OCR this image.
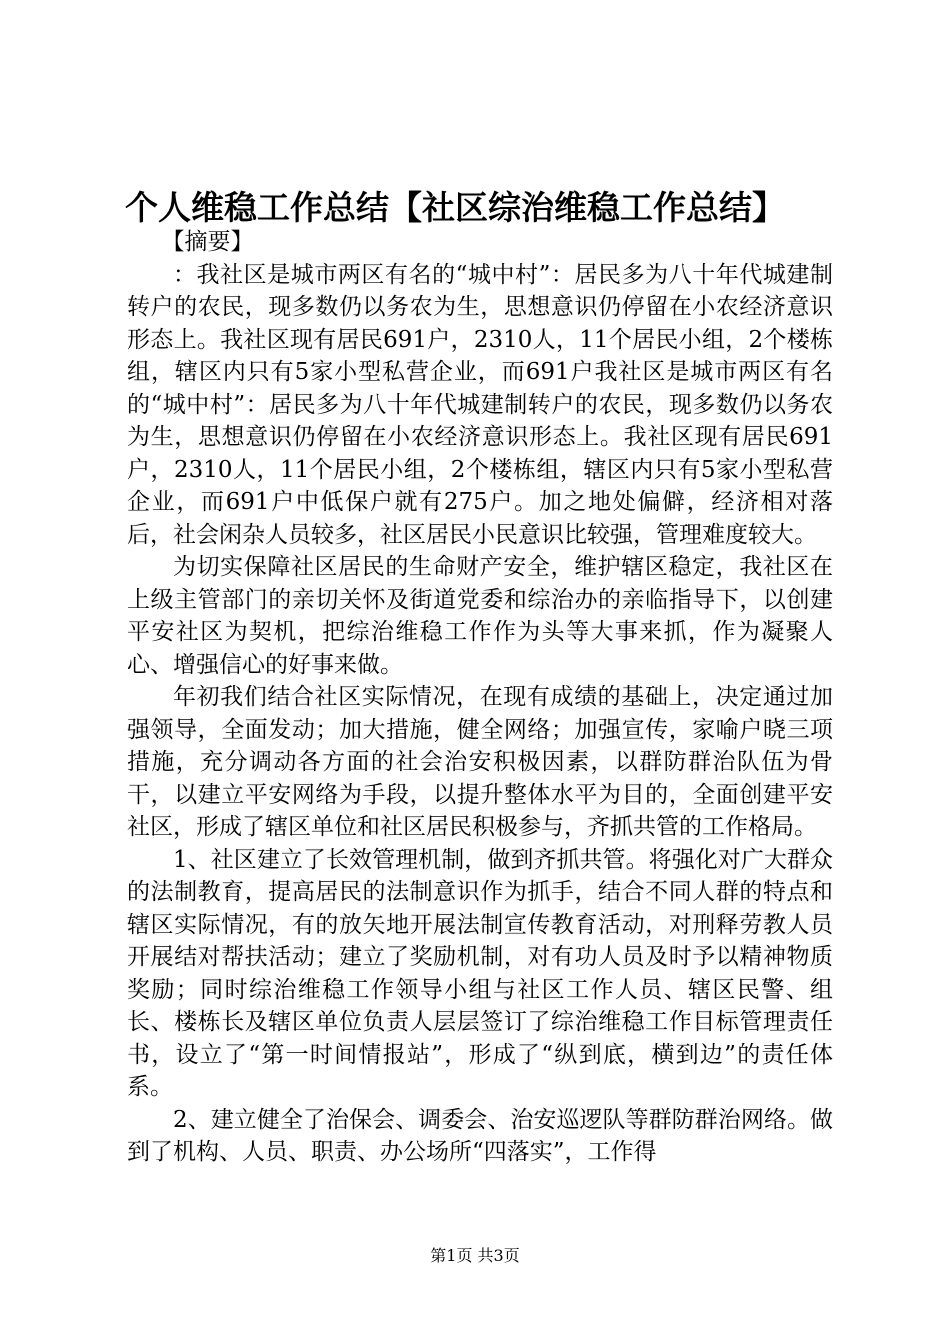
个人维稳工作总结【社区综治维稳工作总结】

【摘要】

：我社区是城市两区有名的“城中村”：居民多为八十年代城建制转户的农民，现多数仍以务农为生，思想意识仍停留在小农经济意识形态上。我社区现有居民691户，2310人，11个居民小组，2个楼栋组，辖区内只有5家小型私营企业，而691户我社区是城市两区有名的“城中村”：居民多为八十年代城建制转户的农民，现多数仍以务农为生，思想意识仍停留在小农经济意识形态上。我社区现有居民691户，2310人，11个居民小组，2个楼栋组，辖区内只有5家小型私营企业，而691户中低保户就有275户。加之地处偏僻，经济相对落后，社会闲杂人员较多，社区居民小民意识比较强，管理难度较大。

为切实保障社区居民的生命财产安全，维护辖区稳定，我社区在上级主管部门的亲切关怀及街道党委和综治办的亲临指导下，以创建平安社区为契机，把综治维稳工作作为头等大事来抓，作为凝聚人心、增强信心的好事来做。

年初我们结合社区实际情况，在现有成绩的基础上，决定通过加强领导，全面发动；加大措施，健全网络；加强宣传，家喻户晓三项措施，充分调动各方面的社会治安积极因素，以群防群治队伍为骨干，以建立平安网络为手段，以提升整体水平为目的，全面创建平安社区，形成了辖区单位和社区居民积极参与，齐抓共管的工作格局。

1、社区建立了长效管理机制，做到齐抓共管。将强化对广大群众的法制教育，提高居民的法制意识作为抓手，结合不同人群的特点和辖区实际情况，有的放矢地开展法制宣传教育活动，对刑释劳教人员开展结对帮扶活动；建立了奖励机制，对有功人员及时予以精神物质奖励；同时综治维稳工作领导小组与社区工作人员、辖区民警、组长、楼栋长及辖区单位负责人层层签订了综治维稳工作目标管理责任书，设立了“第一时间情报站”，形成了“纵到底，横到边”的责任体系。

2、建立健全了治保会、调委会、治安巡逻队等群防群治网络。做到了机构、人员、职责、办公场所“四落实”，工作得

第1页 共3页
